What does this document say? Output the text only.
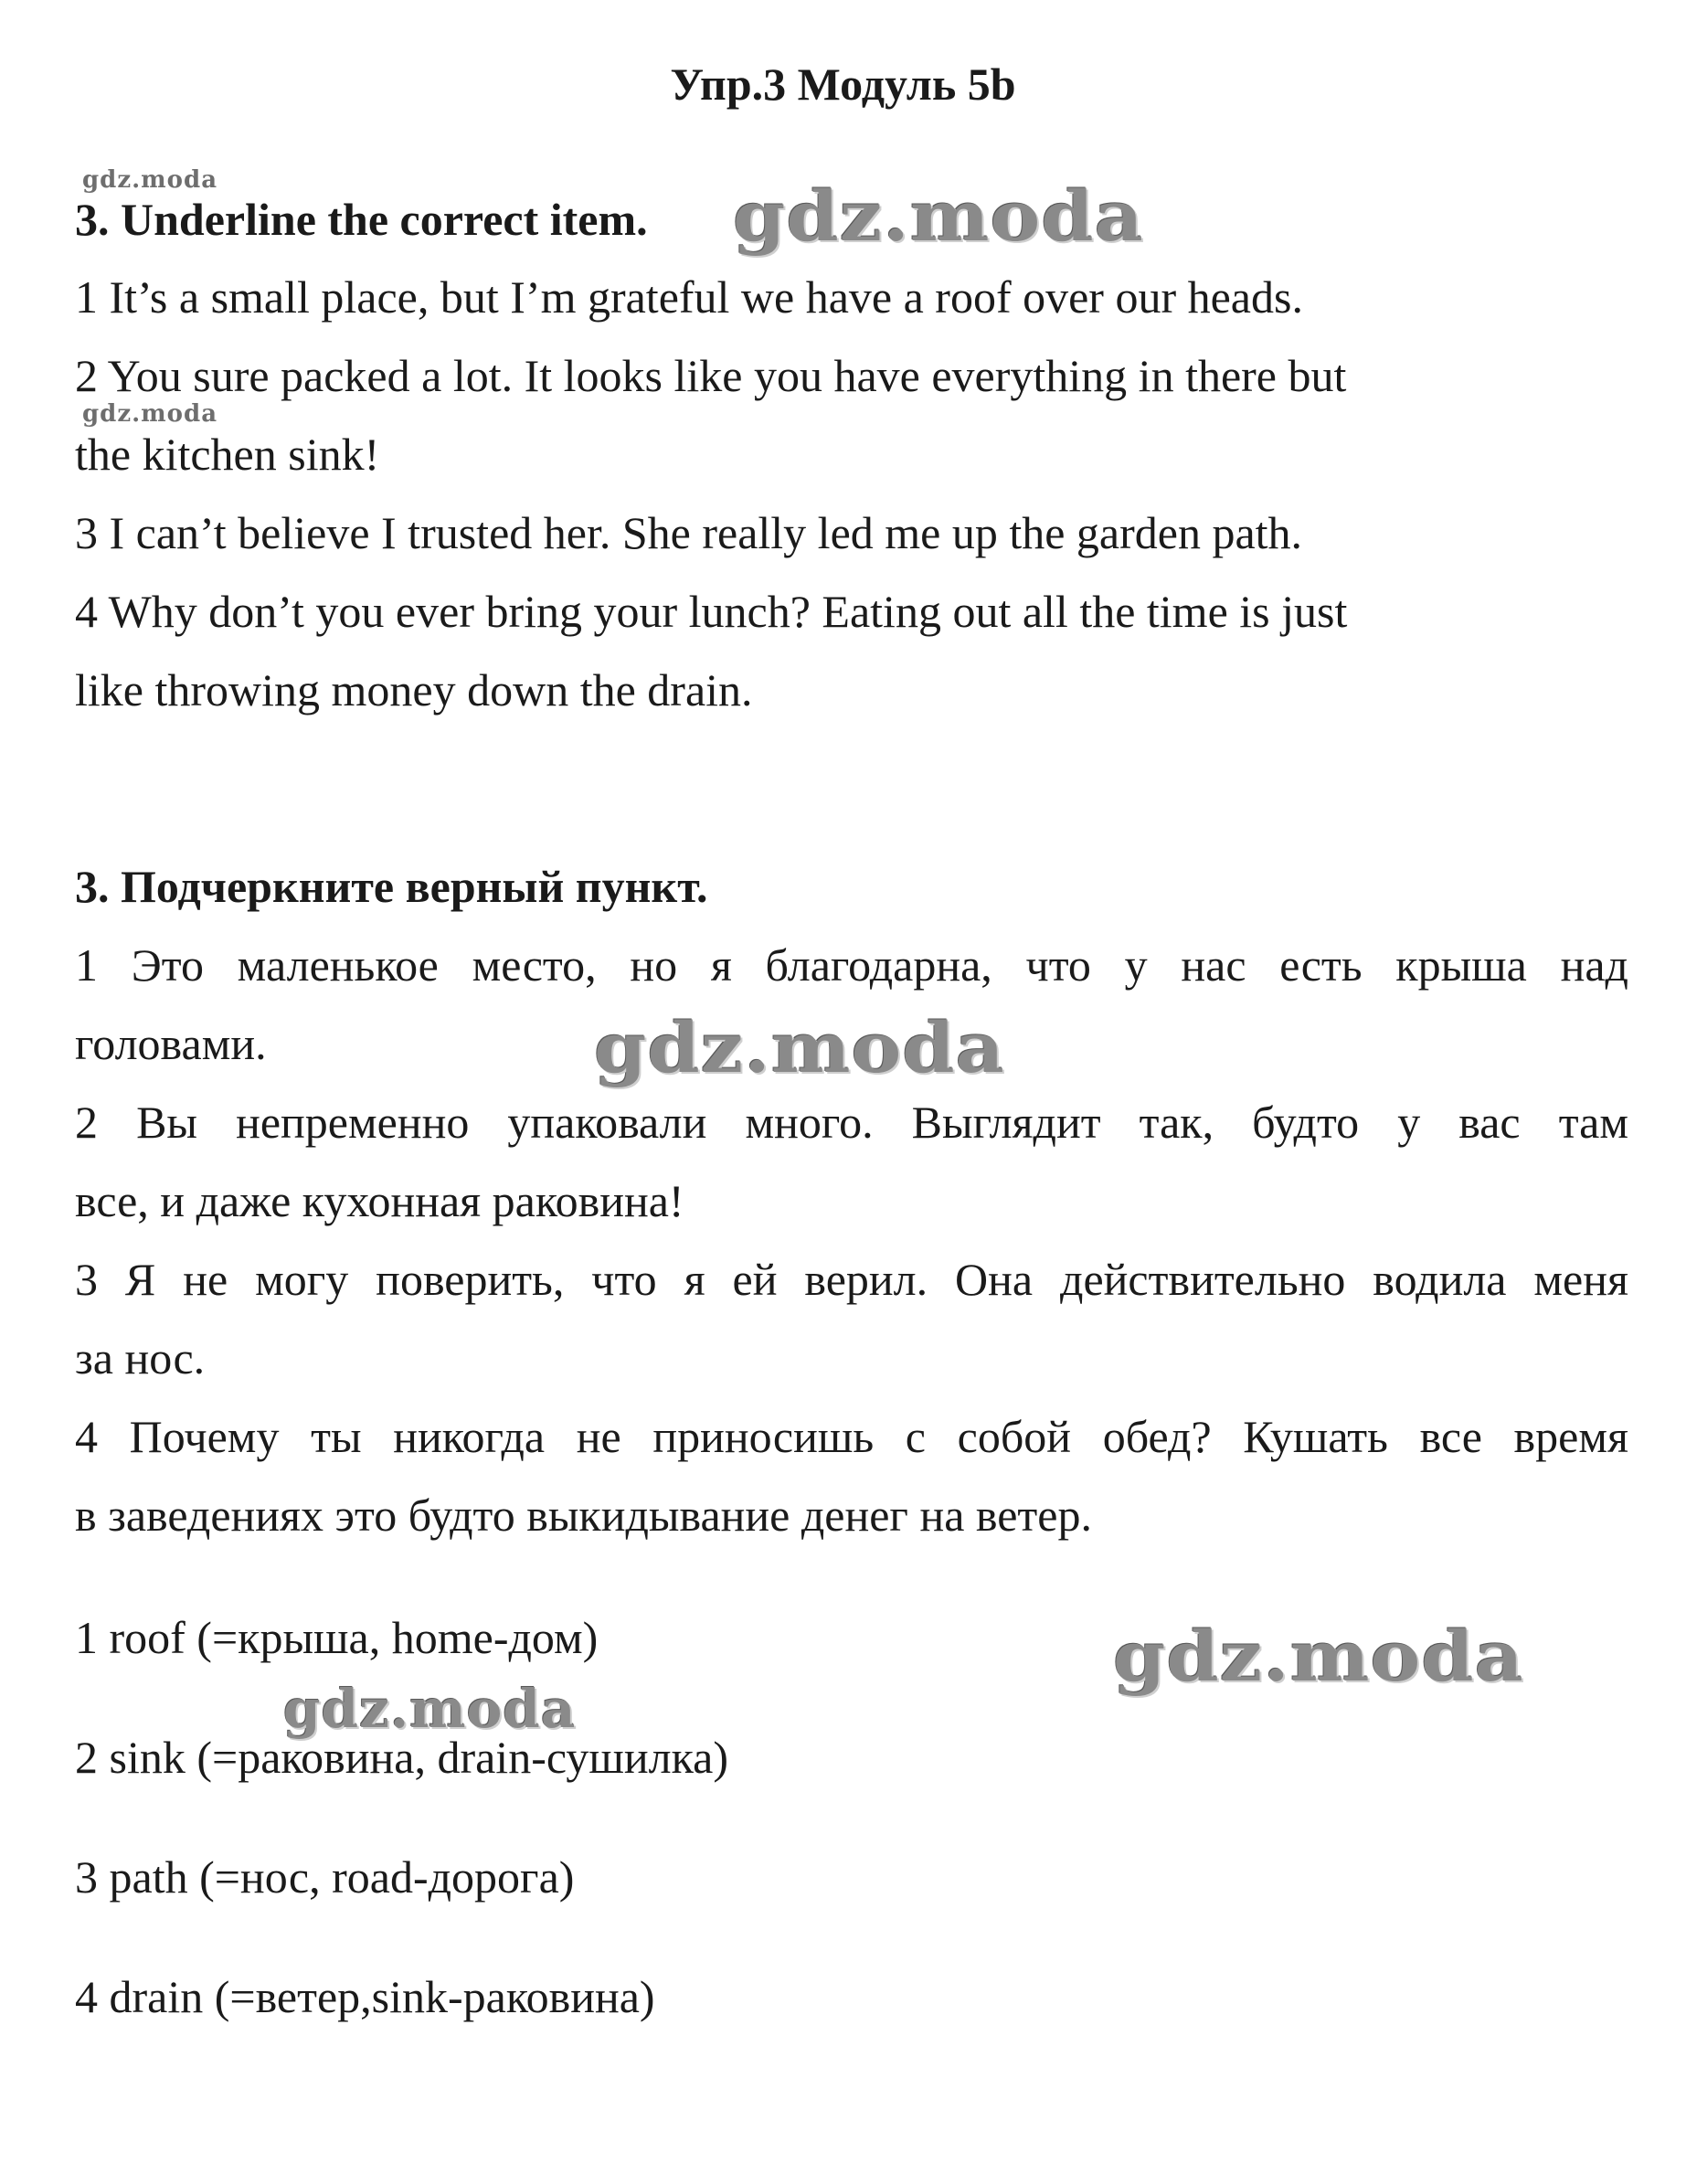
Упр.3 Модуль 5b
gdz.moda	gdz.moda
gdz.moda
gdz.moda
gdz.moda
gdz.moda
3. Underline the correct item.
1 It’s a small place, but I’m grateful we have a roof over our heads.
2 You sure packed a lot. It looks like you have everything in there but
the kitchen sink!
3 I can’t believe I trusted her. She really led me up the garden path.
4 Why don’t you ever bring your lunch? Eating out all the time is just
like throwing money down the drain.
3. Подчеркните верный пункт.
1 Это маленькое место, но я благодарна, что у нас есть крыша над
головами.
2 Вы непременно упаковали много. Выглядит так, будто у вас там
все, и даже кухонная раковина!
3 Я не могу поверить, что я ей верил. Она действительно водила меня
за нос.
4 Почему ты никогда не приносишь с собой обед? Кушать все время
в заведениях это будто выкидывание денег на ветер.
1 roof (=крыша, home-дом)
2 sink (=раковина, drain-сушилка)
3 path (=нос, road-дорога)
4 drain (=ветер,sink-раковина)
